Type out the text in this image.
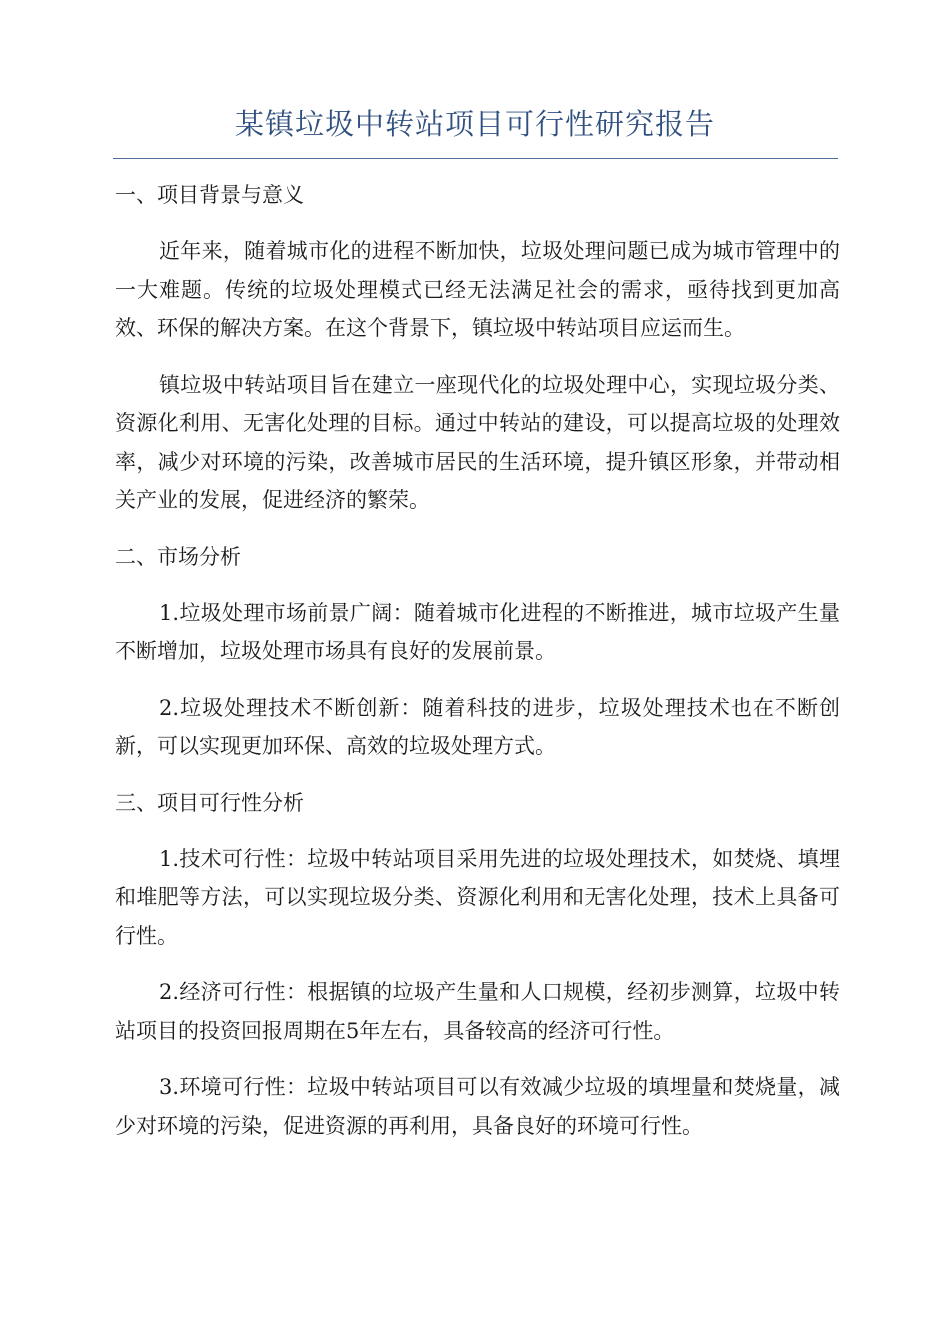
某镇垃圾中转站项目可行性研究报告
一、项目背景与意义

近年来，随着城市化的进程不断加快，垃圾处理问题已成为城市管理中的一大难题。传统的垃圾处理模式已经无法满足社会的需求，亟待找到更加高效、环保的解决方案。在这个背景下，镇垃圾中转站项目应运而生。

镇垃圾中转站项目旨在建立一座现代化的垃圾处理中心，实现垃圾分类、资源化利用、无害化处理的目标。通过中转站的建设，可以提高垃圾的处理效率，减少对环境的污染，改善城市居民的生活环境，提升镇区形象，并带动相关产业的发展，促进经济的繁荣。

二、市场分析

1.垃圾处理市场前景广阔：随着城市化进程的不断推进，城市垃圾产生量不断增加，垃圾处理市场具有良好的发展前景。

2.垃圾处理技术不断创新：随着科技的进步，垃圾处理技术也在不断创新，可以实现更加环保、高效的垃圾处理方式。

三、项目可行性分析

1.技术可行性：垃圾中转站项目采用先进的垃圾处理技术，如焚烧、填埋和堆肥等方法，可以实现垃圾分类、资源化利用和无害化处理，技术上具备可行性。

2.经济可行性：根据镇的垃圾产生量和人口规模，经初步测算，垃圾中转站项目的投资回报周期在5年左右，具备较高的经济可行性。

3.环境可行性：垃圾中转站项目可以有效减少垃圾的填埋量和焚烧量，减少对环境的污染，促进资源的再利用，具备良好的环境可行性。
